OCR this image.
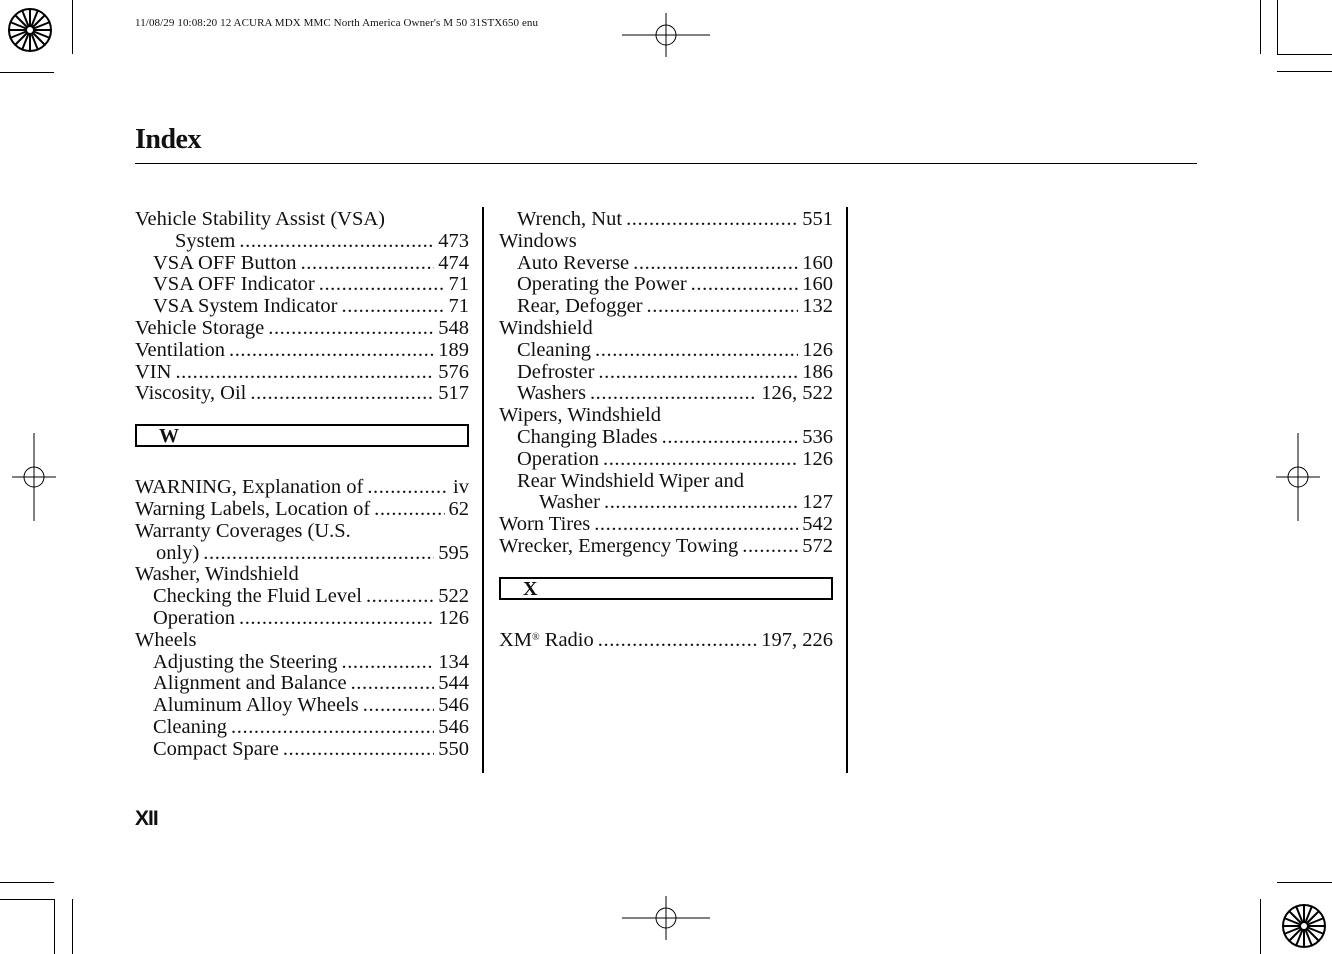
11/08/29 10:08:20 12 ACURA MDX MMC North America Owner's M 50 31STX650 enu
Index
Vehicle Stability Assist (VSA)
System .....	473
VSA OFF Button .....	474
VSA OFF Indicator .....	71
VSA System Indicator .....	71
Vehicle Storage .....	548
Ventilation .....	189
VIN .....	576
Viscosity, Oil .....	517
W
WARNING, Explanation of .....	iv
Warning Labels, Location of .....	62
Warranty Coverages (U.S.
only) .....	595
Washer, Windshield
Checking the Fluid Level .....	522
Operation .....	126
Wheels
Adjusting the Steering .....	134
Alignment and Balance .....	544
Aluminum Alloy Wheels .....	546
Cleaning .....	546
Compact Spare .....	550
Wrench, Nut .....	551
Windows
Auto Reverse .....	160
Operating the Power .....	160
Rear, Defogger .....	132
Windshield
Cleaning .....	126
Defroster .....	186
Washers .....	126, 522
Wipers, Windshield
Changing Blades .....	536
Operation .....	126
Rear Windshield Wiper and
Washer .....	127
Worn Tires .....	542
Wrecker, Emergency Towing .....	572
X
XM® Radio .....	197, 226
XII
